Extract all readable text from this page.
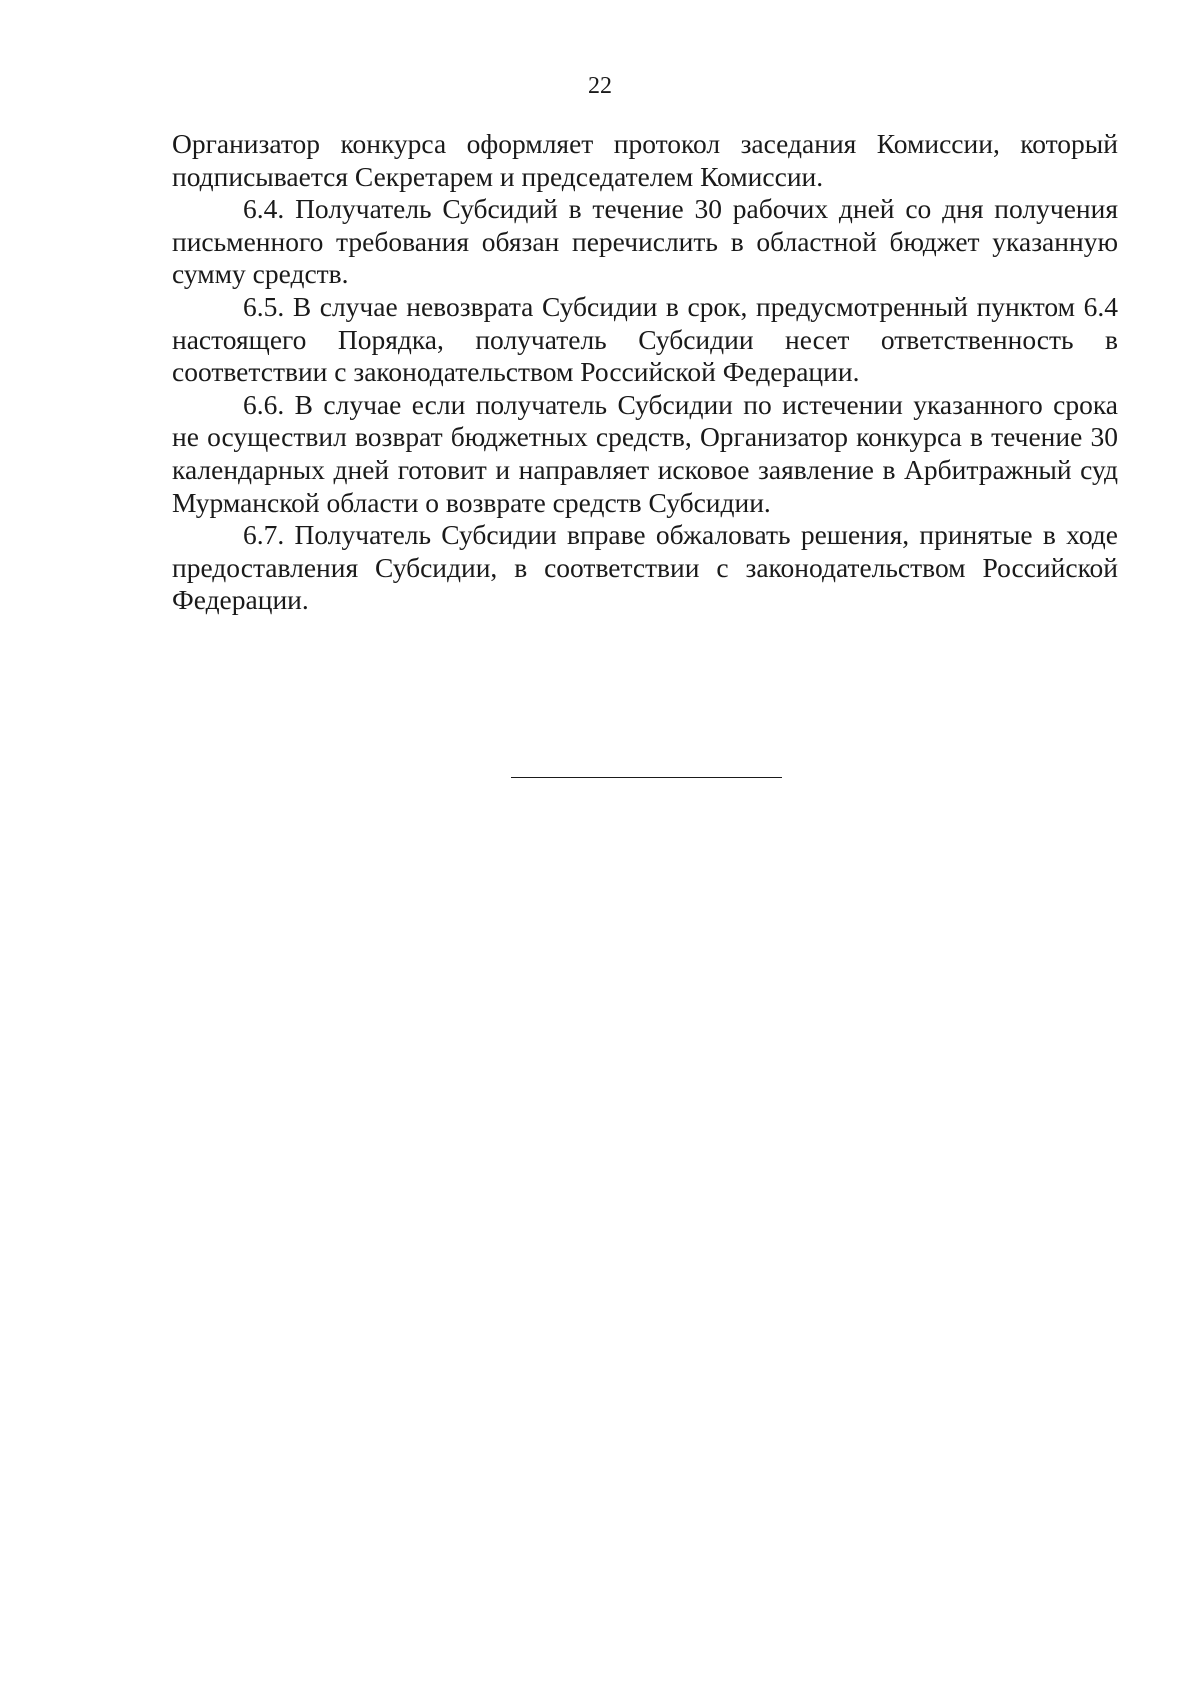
22

Организатор конкурса оформляет протокол заседания Комиссии, который подписывается Секретарем и председателем Комиссии.

6.4. Получатель Субсидий в течение 30 рабочих дней со дня получения письменного требования обязан перечислить в областной бюджет указанную сумму средств.

6.5. В случае невозврата Субсидии в срок, предусмотренный пунктом 6.4 настоящего Порядка, получатель Субсидии несет ответственность в соответствии с законодательством Российской Федерации.

6.6. В случае если получатель Субсидии по истечении указанного срока не осуществил возврат бюджетных средств, Организатор конкурса в течение 30 календарных дней готовит и направляет исковое заявление в Арбитражный суд Мурманской области о возврате средств Субсидии.

6.7. Получатель Субсидии вправе обжаловать решения, принятые в ходе предоставления Субсидии, в соответствии с законодательством Российской Федерации.
